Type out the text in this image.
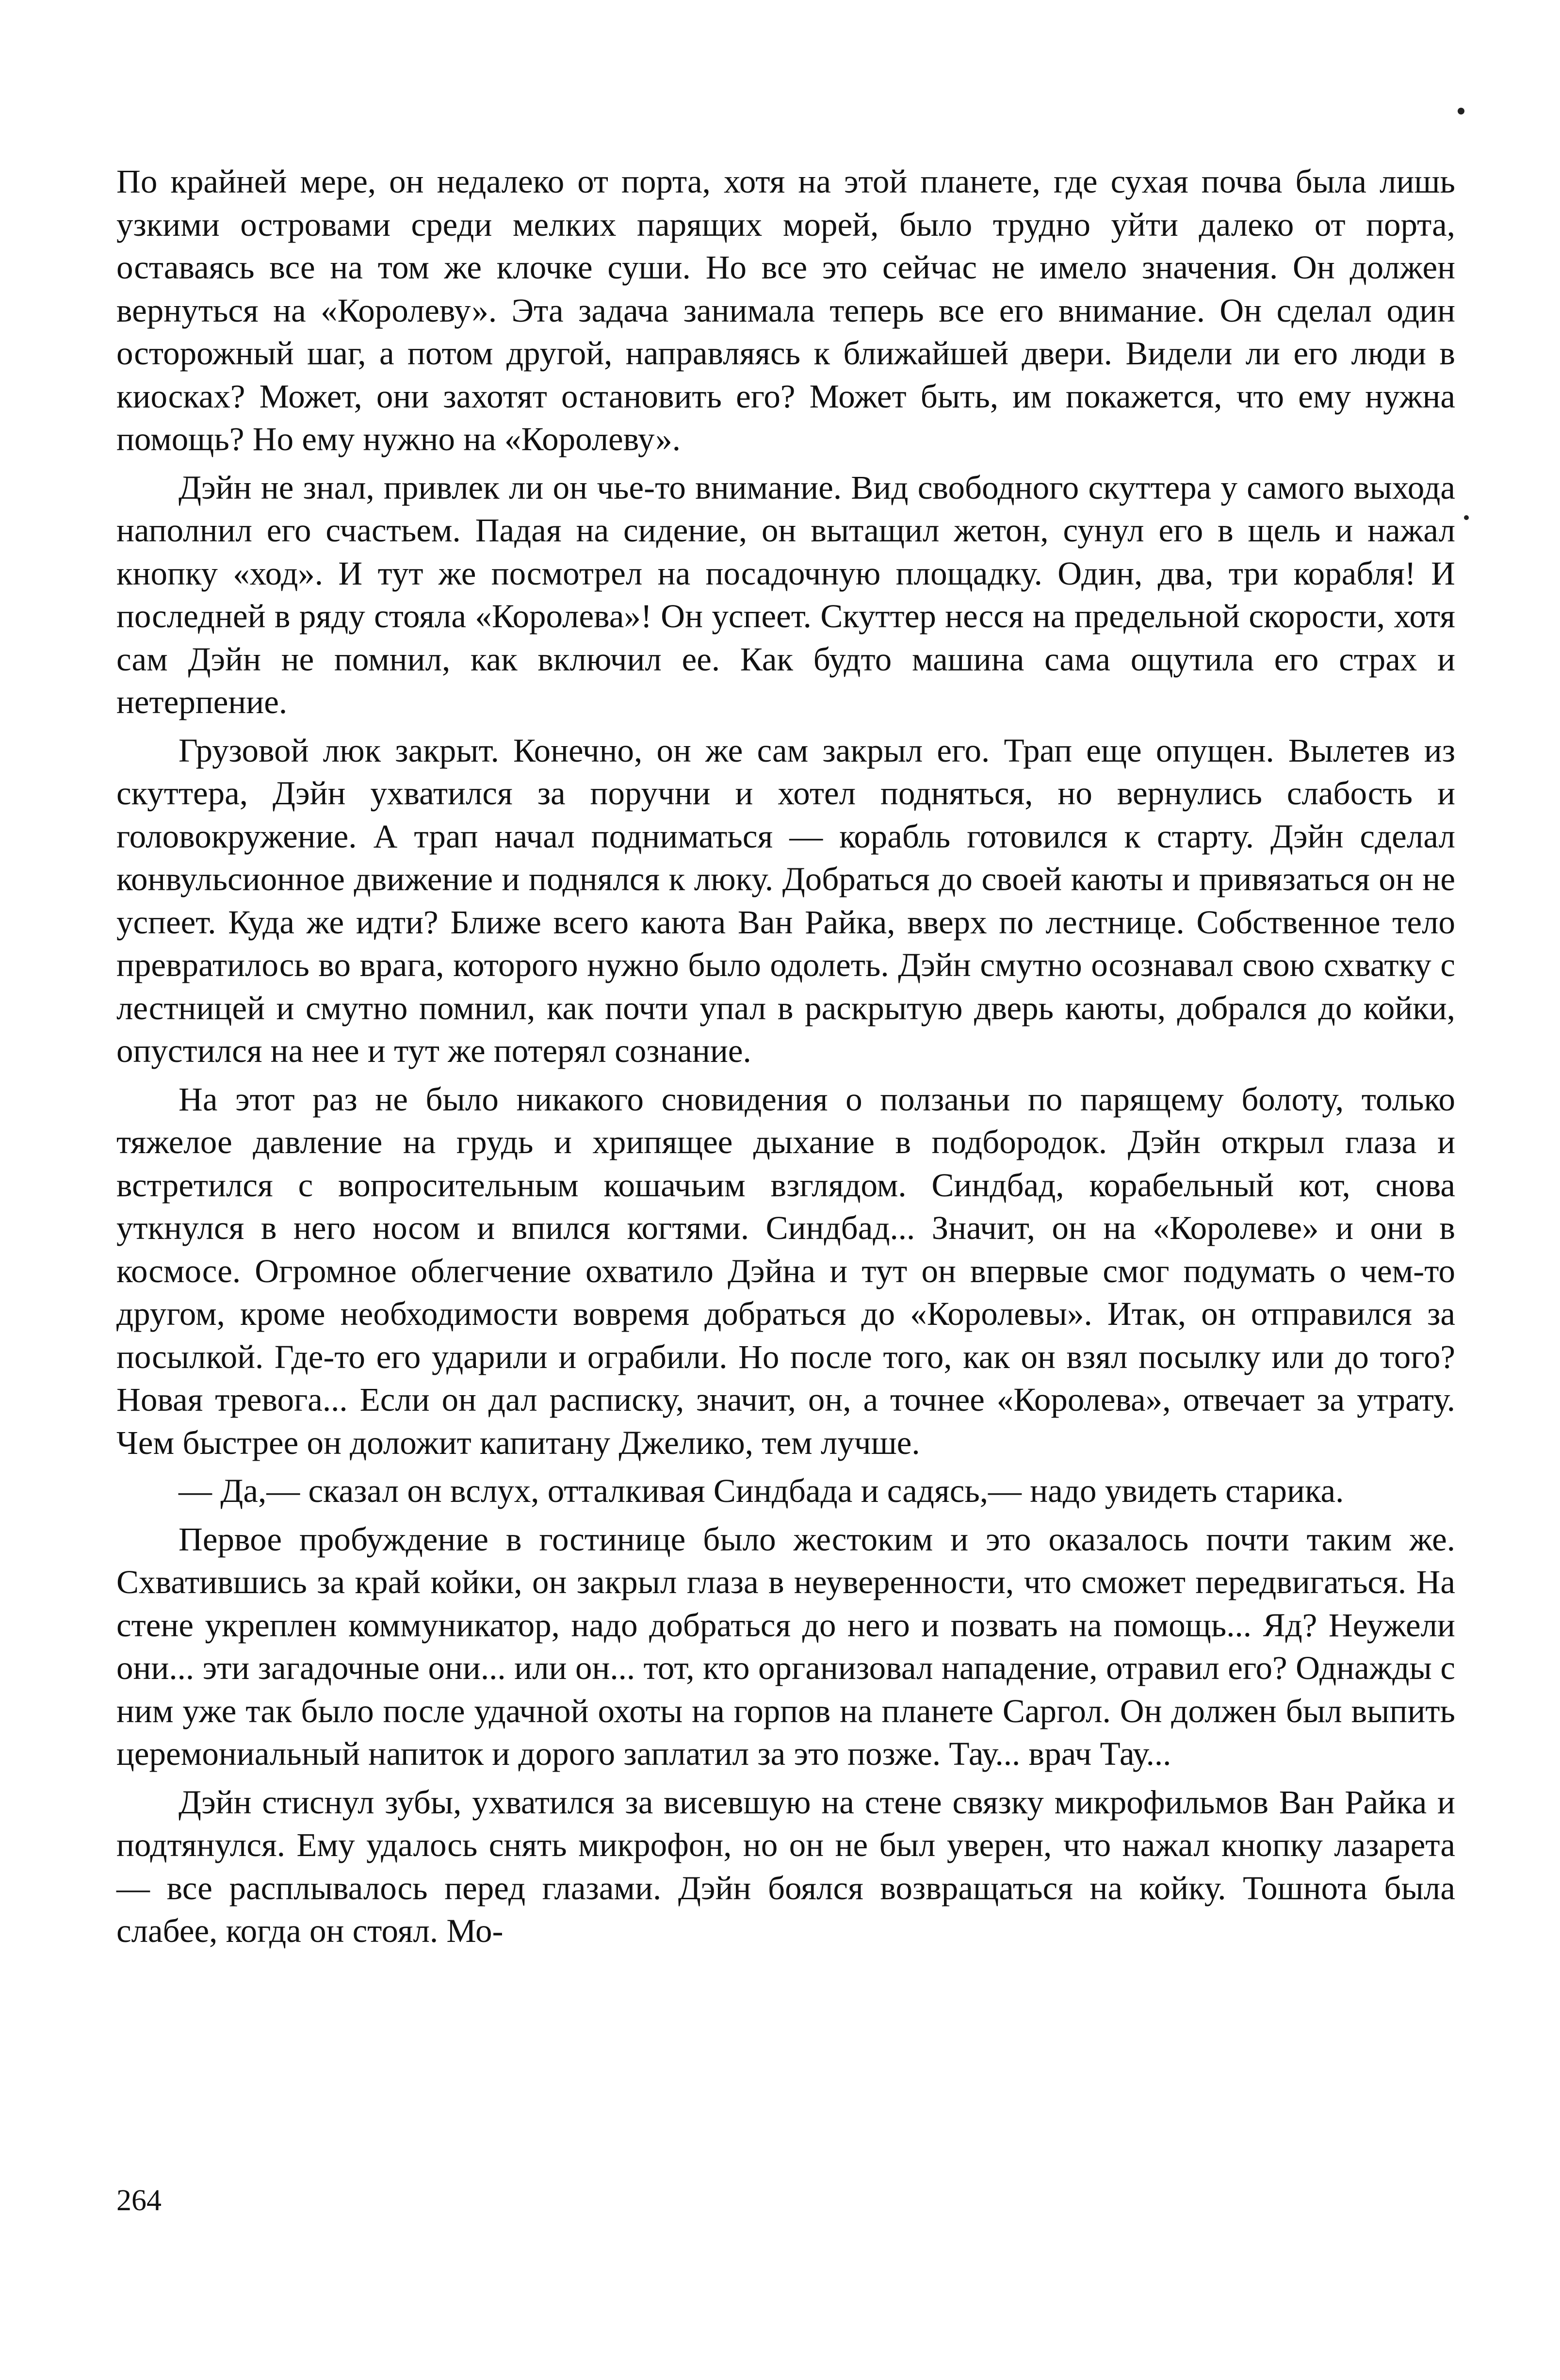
По крайней мере, он недалеко от порта, хотя на этой планете, где сухая почва была лишь узкими островами среди мелких парящих морей, было трудно уйти далеко от порта, оставаясь все на том же клочке суши. Но все это сейчас не имело значения. Он должен вернуться на «Королеву». Эта задача занимала теперь все его внимание. Он сделал один осторожный шаг, а потом другой, направляясь к ближайшей двери. Видели ли его люди в киосках? Может, они захотят остановить его? Может быть, им покажется, что ему нужна помощь? Но ему нужно на «Королеву».

Дэйн не знал, привлек ли он чье-то внимание. Вид свободного скуттера у самого выхода наполнил его счастьем. Падая на сидение, он вытащил жетон, сунул его в щель и нажал кнопку «ход». И тут же посмотрел на посадочную площадку. Один, два, три корабля! И последней в ряду стояла «Королева»! Он успеет. Скуттер несся на предельной скорости, хотя сам Дэйн не помнил, как включил ее. Как будто машина сама ощутила его страх и нетерпение.

Грузовой люк закрыт. Конечно, он же сам закрыл его. Трап еще опущен. Вылетев из скуттера, Дэйн ухватился за поручни и хотел подняться, но вернулись слабость и головокружение. А трап начал подниматься — корабль готовился к старту. Дэйн сделал конвульсионное движение и поднялся к люку. Добраться до своей каюты и привязаться он не успеет. Куда же идти? Ближе всего каюта Ван Райка, вверх по лестнице. Собственное тело превратилось во врага, которого нужно было одолеть. Дэйн смутно осознавал свою схватку с лестницей и смутно помнил, как почти упал в раскрытую дверь каюты, добрался до койки, опустился на нее и тут же потерял сознание.

На этот раз не было никакого сновидения о ползаньи по парящему болоту, только тяжелое давление на грудь и хрипящее дыхание в подбородок. Дэйн открыл глаза и встретился с вопросительным кошачьим взглядом. Синдбад, корабельный кот, снова уткнулся в него носом и впился когтями. Синдбад... Значит, он на «Королеве» и они в космосе. Огромное облегчение охватило Дэйна и тут он впервые смог подумать о чем-то другом, кроме необходимости вовремя добраться до «Королевы». Итак, он отправился за посылкой. Где-то его ударили и ограбили. Но после того, как он взял посылку или до того? Новая тревога... Если он дал расписку, значит, он, а точнее «Королева», отвечает за утрату. Чем быстрее он доложит капитану Джелико, тем лучше.

— Да,— сказал он вслух, отталкивая Синдбада и садясь,— надо увидеть старика.

Первое пробуждение в гостинице было жестоким и это оказалось почти таким же. Схватившись за край койки, он закрыл глаза в неуверенности, что сможет передвигаться. На стене укреплен коммуникатор, надо добраться до него и позвать на помощь... Яд? Неужели они... эти загадочные они... или он... тот, кто организовал нападение, отравил его? Однажды с ним уже так было после удачной охоты на горпов на планете Саргол. Он должен был выпить церемониальный напиток и дорого заплатил за это позже. Тау... врач Тау...

Дэйн стиснул зубы, ухватился за висевшую на стене связку микрофильмов Ван Райка и подтянулся. Ему удалось снять микрофон, но он не был уверен, что нажал кнопку лазарета — все расплывалось перед глазами. Дэйн боялся возвращаться на койку. Тошнота была слабее, когда он стоял. Мо-

264
